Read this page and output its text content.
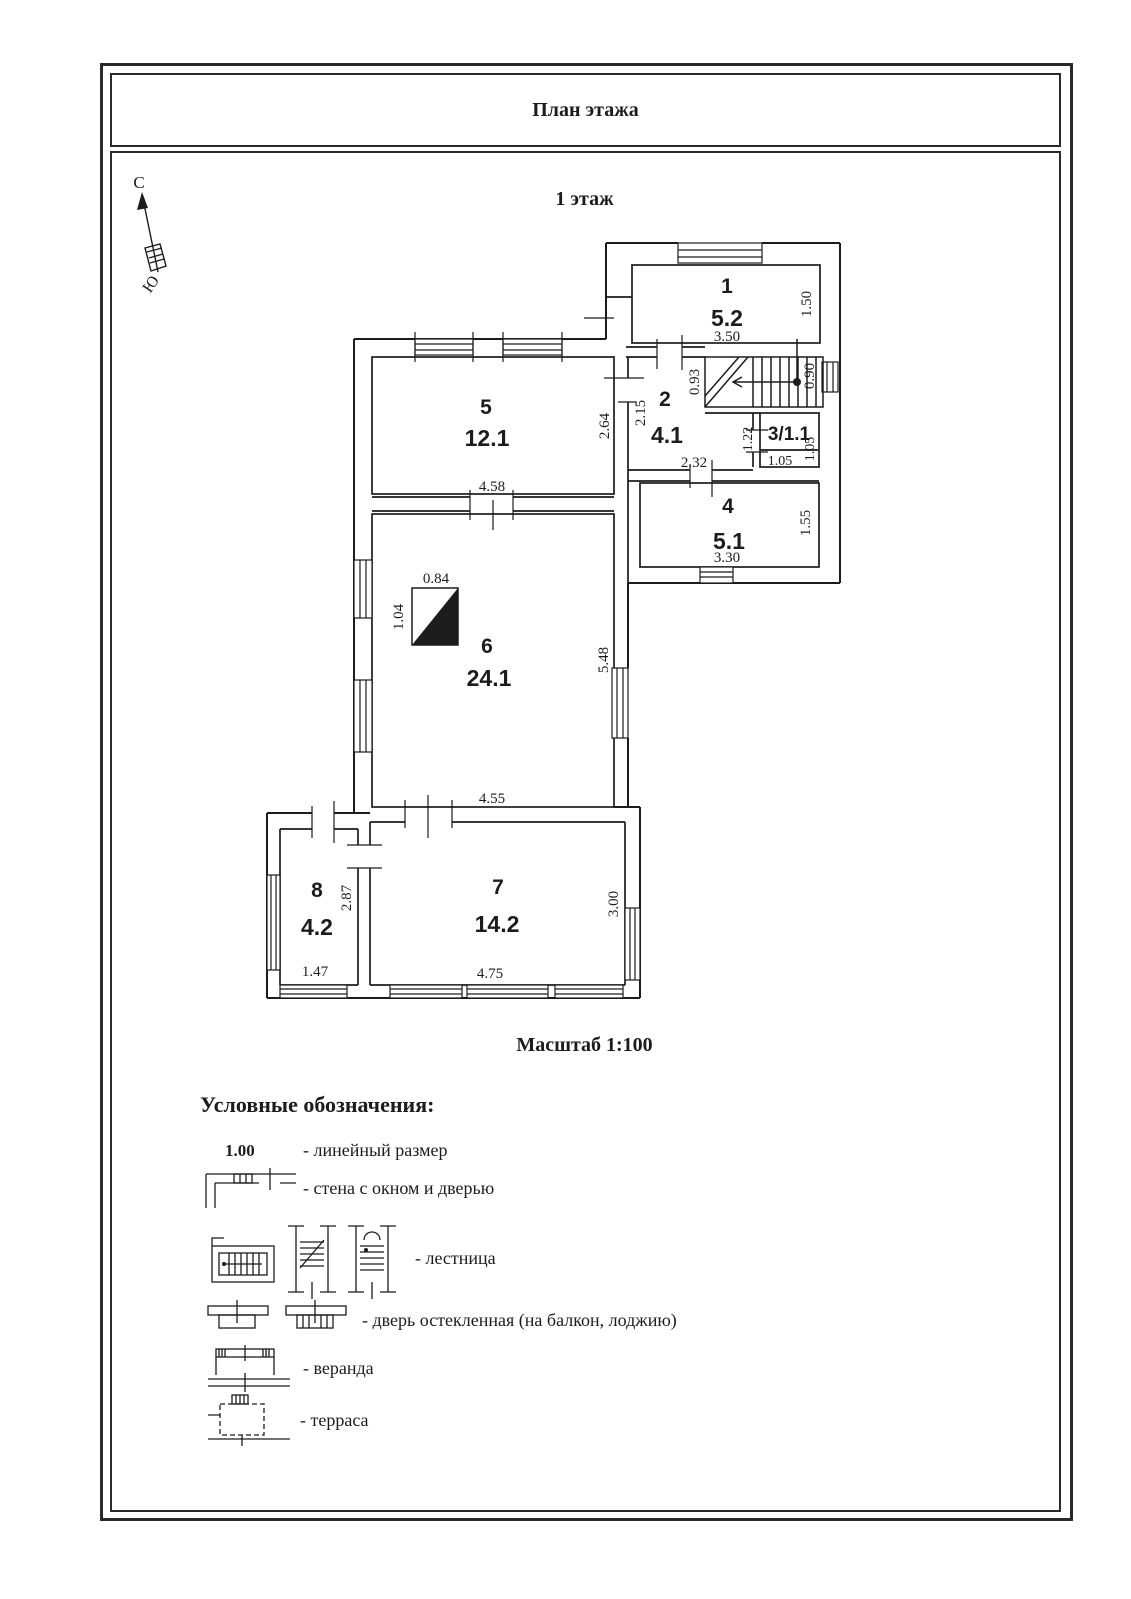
План этажа
1 этаж
С
Ю	1
5.2
3.50
1.50
2
4.1
2.15
2.32
0.93
3/1.1
1.05
1.05
1.22
4
5.1
3.30
1.55
5
12.1
4.58
2.64
6
24.1
4.55
5.48
0.84
1.04
7
14.2
4.75
3.00
8
4.2
1.47
2.87
0.90
Масштаб 1:100
Условные обозначения:
1.00	- линейный размер
- стена с окном и дверью
- лестница
- дверь остекленная (на балкон, лоджию)
- веранда
- терраса
